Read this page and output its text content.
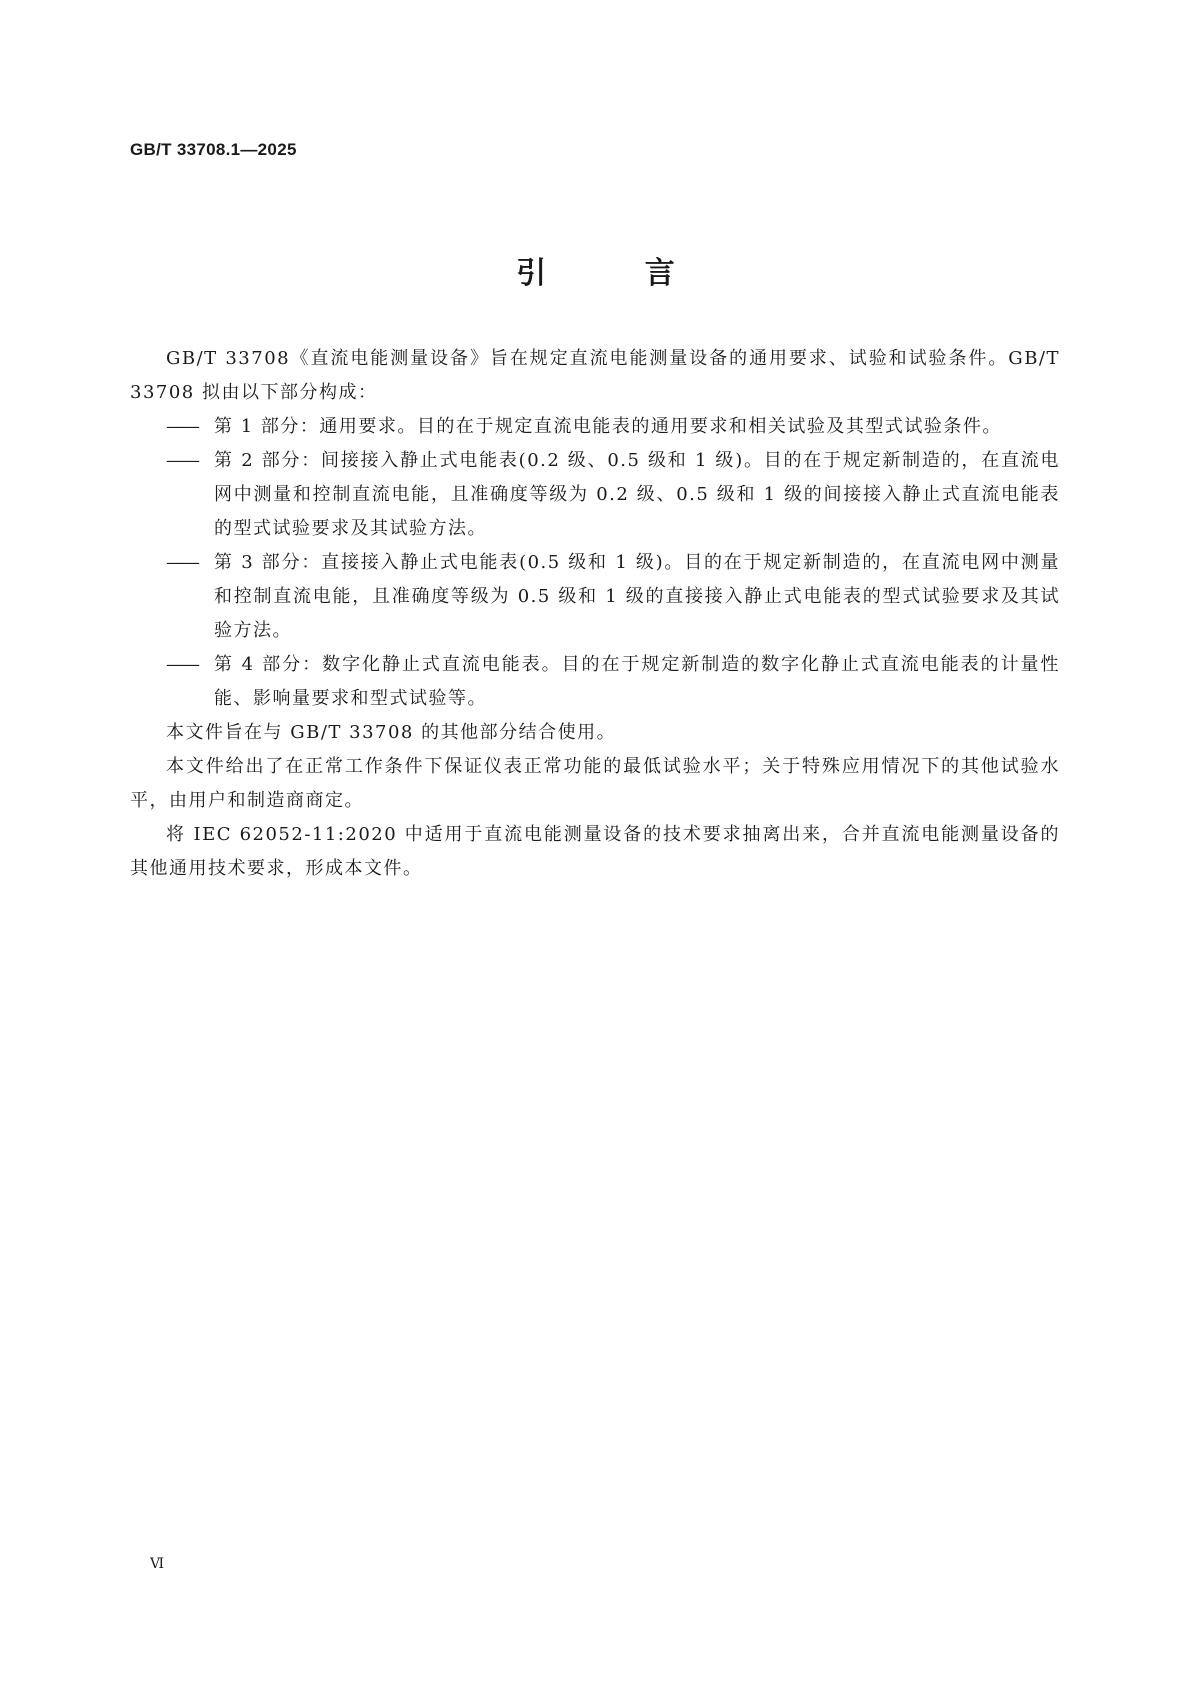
GB/T 33708.1—2025
引 言

GB/T 33708《直流电能测量设备》旨在规定直流电能测量设备的通用要求、试验和试验条件。GB/T 33708 拟由以下部分构成：

—— 第 1 部分：通用要求。目的在于规定直流电能表的通用要求和相关试验及其型式试验条件。

—— 第 2 部分：间接接入静止式电能表(0.2 级、0.5 级和 1 级)。目的在于规定新制造的，在直流电网中测量和控制直流电能，且准确度等级为 0.2 级、0.5 级和 1 级的间接接入静止式直流电能表的型式试验要求及其试验方法。

—— 第 3 部分：直接接入静止式电能表(0.5 级和 1 级)。目的在于规定新制造的，在直流电网中测量和控制直流电能，且准确度等级为 0.5 级和 1 级的直接接入静止式电能表的型式试验要求及其试验方法。

—— 第 4 部分：数字化静止式直流电能表。目的在于规定新制造的数字化静止式直流电能表的计量性能、影响量要求和型式试验等。

本文件旨在与 GB/T 33708 的其他部分结合使用。

本文件给出了在正常工作条件下保证仪表正常功能的最低试验水平；关于特殊应用情况下的其他试验水平，由用户和制造商商定。

将 IEC 62052-11:2020 中适用于直流电能测量设备的技术要求抽离出来，合并直流电能测量设备的其他通用技术要求，形成本文件。

Ⅵ
